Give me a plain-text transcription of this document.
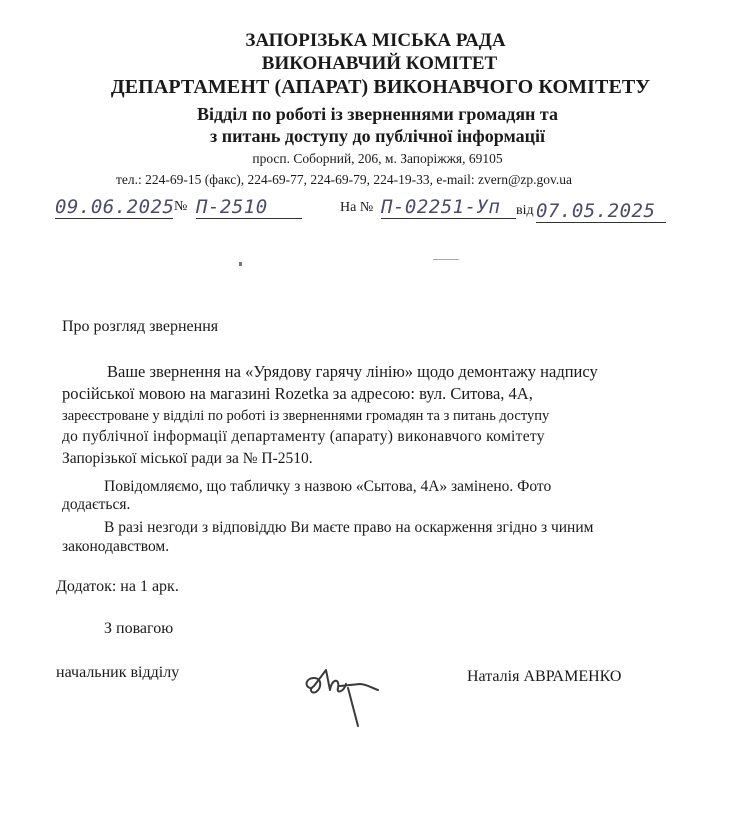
ЗАПОРІЗЬКА МІСЬКА РАДА
ВИКОНАВЧИЙ КОМІТЕТ
ДЕПАРТАМЕНТ (АПАРАТ) ВИКОНАВЧОГО КОМІТЕТУ
Відділ по роботі із зверненнями громадян та
з питань доступу до публічної інформації
просп. Соборний, 206, м. Запоріжжя, 69105
тел.: 224-69-15 (факс), 224-69-77, 224-69-79, 224-19-33, e-mail: zvern@zp.gov.ua
09.06.2025 № П-2510	На № П-02251-Уп	від 07.05.2025
Про розгляд звернення
Ваше звернення на «Урядову гарячу лінію» щодо демонтажу надпису
російської мовою на магазині Rozetka за адресою: вул. Ситова, 4А,
зареєстроване у відділі по роботі із зверненнями громадян та з питань доступу
до публічної інформації департаменту (апарату) виконавчого комітету
Запорізької міської ради за № П-2510.
Повідомляємо, що табличку з назвою «Сытова, 4А» замінено. Фото
додається.
В разі незгоди з відповіддю Ви маєте право на оскарження згідно з чиним
законодавством.
Додаток: на 1 арк.
З повагою
начальник відділу	Наталія АВРАМЕНКО
